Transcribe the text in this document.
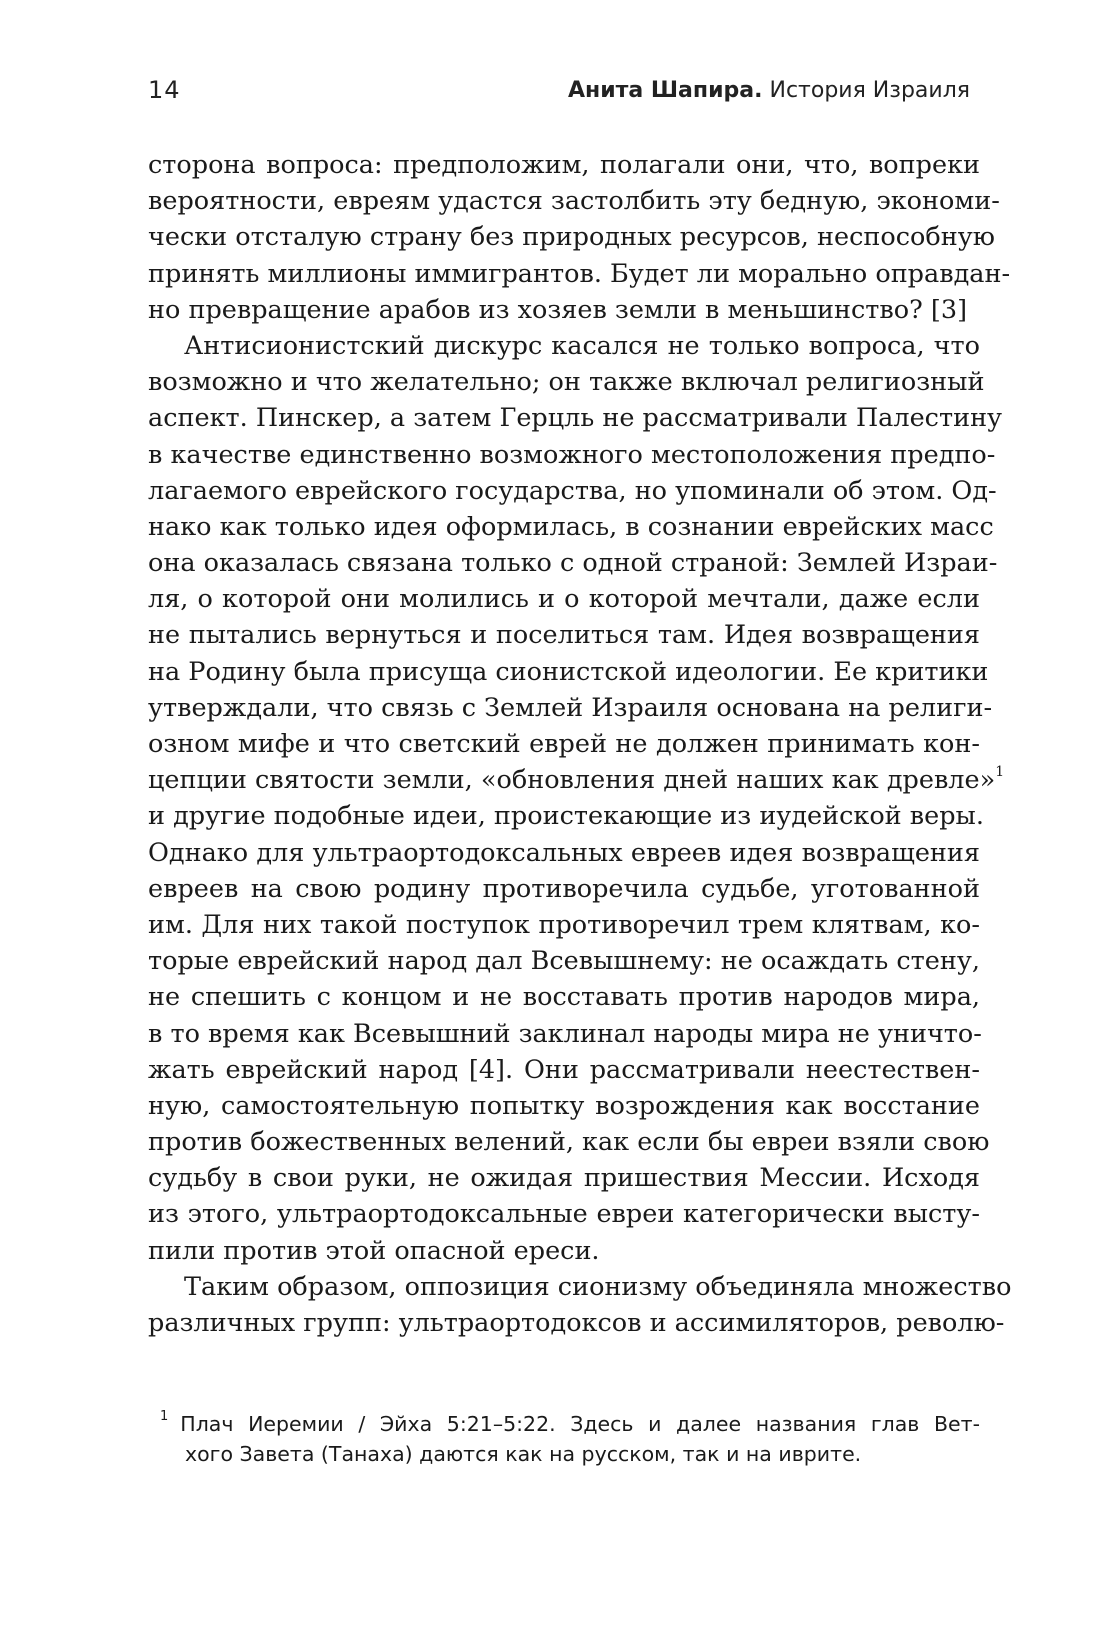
14	Анита Шапира. История Израиля
сторона вопроса: предположим, полагали они, что, вопреки
вероятности, евреям удастся застолбить эту бедную, экономи-
чески отсталую страну без природных ресурсов, неспособную
принять миллионы иммигрантов. Будет ли морально оправдан-
но превращение арабов из хозяев земли в меньшинство? [3]
Антисионистский дискурс касался не только вопроса, что
возможно и что желательно; он также включал религиозный
аспект. Пинскер, а затем Герцль не рассматривали Палестину
в качестве единственно возможного местоположения предпо-
лагаемого еврейского государства, но упоминали об этом. Од-
нако как только идея оформилась, в сознании еврейских масс
она оказалась связана только с одной страной: Землей Израи-
ля, о которой они молились и о которой мечтали, даже если
не пытались вернуться и поселиться там. Идея возвращения
на Родину была присуща сионистской идеологии. Ее критики
утверждали, что связь с Землей Израиля основана на религи-
озном мифе и что светский еврей не должен принимать кон-
цепции святости земли, «обновления дней наших как древле»$^1$
и другие подобные идеи, проистекающие из иудейской веры.
Однако для ультраортодоксальных евреев идея возвращения
евреев на свою родину противоречила судьбе, уготованной
им. Для них такой поступок противоречил трем клятвам, ко-
торые еврейский народ дал Всевышнему: не осаждать стену,
не спешить с концом и не восставать против народов мира,
в то время как Всевышний заклинал народы мира не уничто-
жать еврейский народ [4]. Они рассматривали неестествен-
ную, самостоятельную попытку возрождения как восстание
против божественных велений, как если бы евреи взяли свою
судьбу в свои руки, не ожидая пришествия Мессии. Исходя
из этого, ультраортодоксальные евреи категорически высту-
пили против этой опасной ереси.
Таким образом, оппозиция сионизму объединяла множество
различных групп: ультраортодоксов и ассимиляторов, револю-
$^1$ Плач Иеремии / Эйха 5:21–5:22. Здесь и далее названия глав Вет-
хого Завета (Танаха) даются как на русском, так и на иврите.
